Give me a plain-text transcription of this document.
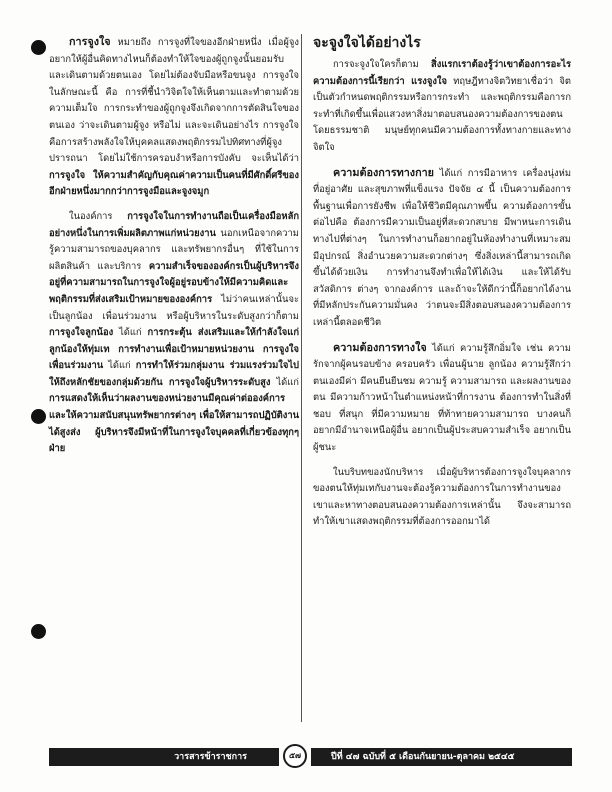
การจูงใจ หมายถึง การจูงที่ใจของอีกฝ่ายหนึ่ง เมื่อผู้จูงอยากให้ผู้อื่นคิดทางไหนก็ต้องทำให้ใจของผู้ถูกจูงนั้นยอมรับ และเดินตามด้วยตนเอง โดยไม่ต้องจับมือหรือขนจูง การจูงใจในลักษณะนี้ คือ การที่ชี้นำวิจิตใจให้เห็นตามและทำตามด้วยความเต็มใจ การกระทำของผู้ถูกจูงจึงเกิดจากการตัดสินใจของตนเอง ว่าจะเดินตามผู้จูง หรือไม่ และจะเดินอย่างไร การจูงใจคือการสร้างพลังใจให้บุคคลแสดงพฤติกรรมไปทิศทางที่ผู้จูงปรารถนา โดยไม่ใช้การครอบงำหรือการบังคับ จะเห็นได้ว่า การจูงใจ ให้ความสำคัญกับคุณค่าความเป็นคนที่มีศักดิ์ศรีของอีกฝ่ายหนึ่งมากกว่าการจูงมือและจูงจมูก

ในองค์การ การจูงใจในการทำงานถือเป็นเครื่องมือหลักอย่างหนึ่งในการเพิ่มผลิตภาพแก่หน่วยงาน นอกเหนือจากความรู้ความสามารถของบุคลากร และทรัพยากรอื่นๆ ที่ใช้ในการผลิตสินค้า และบริการ ความสำเร็จขององค์กรเป็นผู้บริหารจึงอยู่ที่ความสามารถในการจูงใจผู้อยู่รอบข้างให้มีความคิดและพฤติกรรมที่ส่งเสริมเป้าหมายขององค์การ ไม่ว่าคนเหล่านั้นจะเป็นลูกน้อง เพื่อนร่วมงาน หรือผู้บริหารในระดับสูงกว่าก็ตาม การจูงใจลูกน้อง ได้แก่ การกระตุ้น ส่งเสริมและให้กำลังใจแก่ลูกน้องให้ทุ่มเท การทำงานเพื่อเป้าหมายหน่วยงาน การจูงใจเพื่อนร่วมงาน ได้แก่ การทำให้ร่วมกลุ่มงาน ร่วมแรงร่วมใจไปให้ถึงหลักชัยของกลุ่มด้วยกัน การจูงใจผู้บริหารระดับสูง ได้แก่ การแสดงให้เห็นว่าผลงานของหน่วยงานมีคุณค่าต่อองค์การและให้ความสนับสนุนทรัพยากรต่างๆ เพื่อให้สามารถปฏิบัติงาน ได้สูงส่ง ผู้บริหารจึงมีหน้าที่ในการจูงใจบุคคลที่เกี่ยวข้องทุกๆ ฝ่าย

จะจูงใจได้อย่างไร

การจะจูงใจใครก็ตาม สิ่งแรกเราต้องรู้ว่าเขาต้องการอะไร ความต้องการนี้เรียกว่า แรงจูงใจ ทฤษฎีทางจิตวิทยาเชื่อว่า จิตเป็นตัวกำหนดพฤติกรรมหรือการกระทำ และพฤติกรรมคือการกระทำที่เกิดขึ้นเพื่อแสวงหาสิ่งมาตอบสนองความต้องการของตน โดยธรรมชาติ มนุษย์ทุกคนมีความต้องการทั้งทางกายและทางจิตใจ

ความต้องการทางกาย ได้แก่ การมีอาหาร เครื่องนุ่งห่ม ที่อยู่อาศัย และสุขภาพที่แข็งแรง ปัจจัย ๔ นี้ เป็นความต้องการพื้นฐานเพื่อการยังชีพ เพื่อให้ชีวิตมีคุณภาพขึ้น ความต้องการขั้นต่อไปคือ ต้องการมีความเป็นอยู่ที่สะดวกสบาย มีพาหนะการเดินทางไปที่ต่างๆ ในการทำงานก็อยากอยู่ในห้องทำงานที่เหมาะสม มีอุปกรณ์ สิ่งอำนวยความสะดวกต่างๆ ซึ่งสิ่งเหล่านี้สามารถเกิดขึ้นได้ด้วยเงิน การทำงานจึงทำเพื่อให้ได้เงิน และให้ได้รับสวัสดิการ ต่างๆ จากองค์การ และถ้าจะให้ดีกว่านี้ก็อยากได้งาน ที่มีหลักประกันความมั่นคง ว่าตนจะมีสิ่งตอบสนองความต้องการเหล่านี้ตลอดชีวิต

ความต้องการทางใจ ได้แก่ ความรู้สึกอิ่มใจ เช่น ความรักจากผู้คนรอบข้าง ครอบครัว เพื่อนผู้นาย ลูกน้อง ความรู้สึกว่าตนเองมีค่า มีคนยืนยืนชม ความรู้ ความสามารถ และผลงานของตน มีความก้าวหน้าในตำแหน่งหน้าที่การงาน ต้องการทำในสิ่งที่ชอบ ที่สนุก ที่มีความหมาย ที่ท้าทายความสามารถ บางคนก็อยากมีอำนาจเหนือผู้อื่น อยากเป็นผู้ประสบความสำเร็จ อยากเป็นผู้ชนะ

ในบริบทของนักบริหาร เมื่อผู้บริหารต้องการจูงใจบุคลากรของตนให้ทุ่มเทกับงานจะต้องรู้ความต้องการในการทำงานของเขาและหาทางตอบสนองความต้องการเหล่านั้น จึงจะสามารถทำให้เขาแสดงพฤติกรรมที่ต้องการออกมาได้

วารสารข้าราชการ	๕๗	ปีที่ ๔๗ ฉบับที่ ๕ เดือนกันยายน-ตุลาคม ๒๕๔๕
